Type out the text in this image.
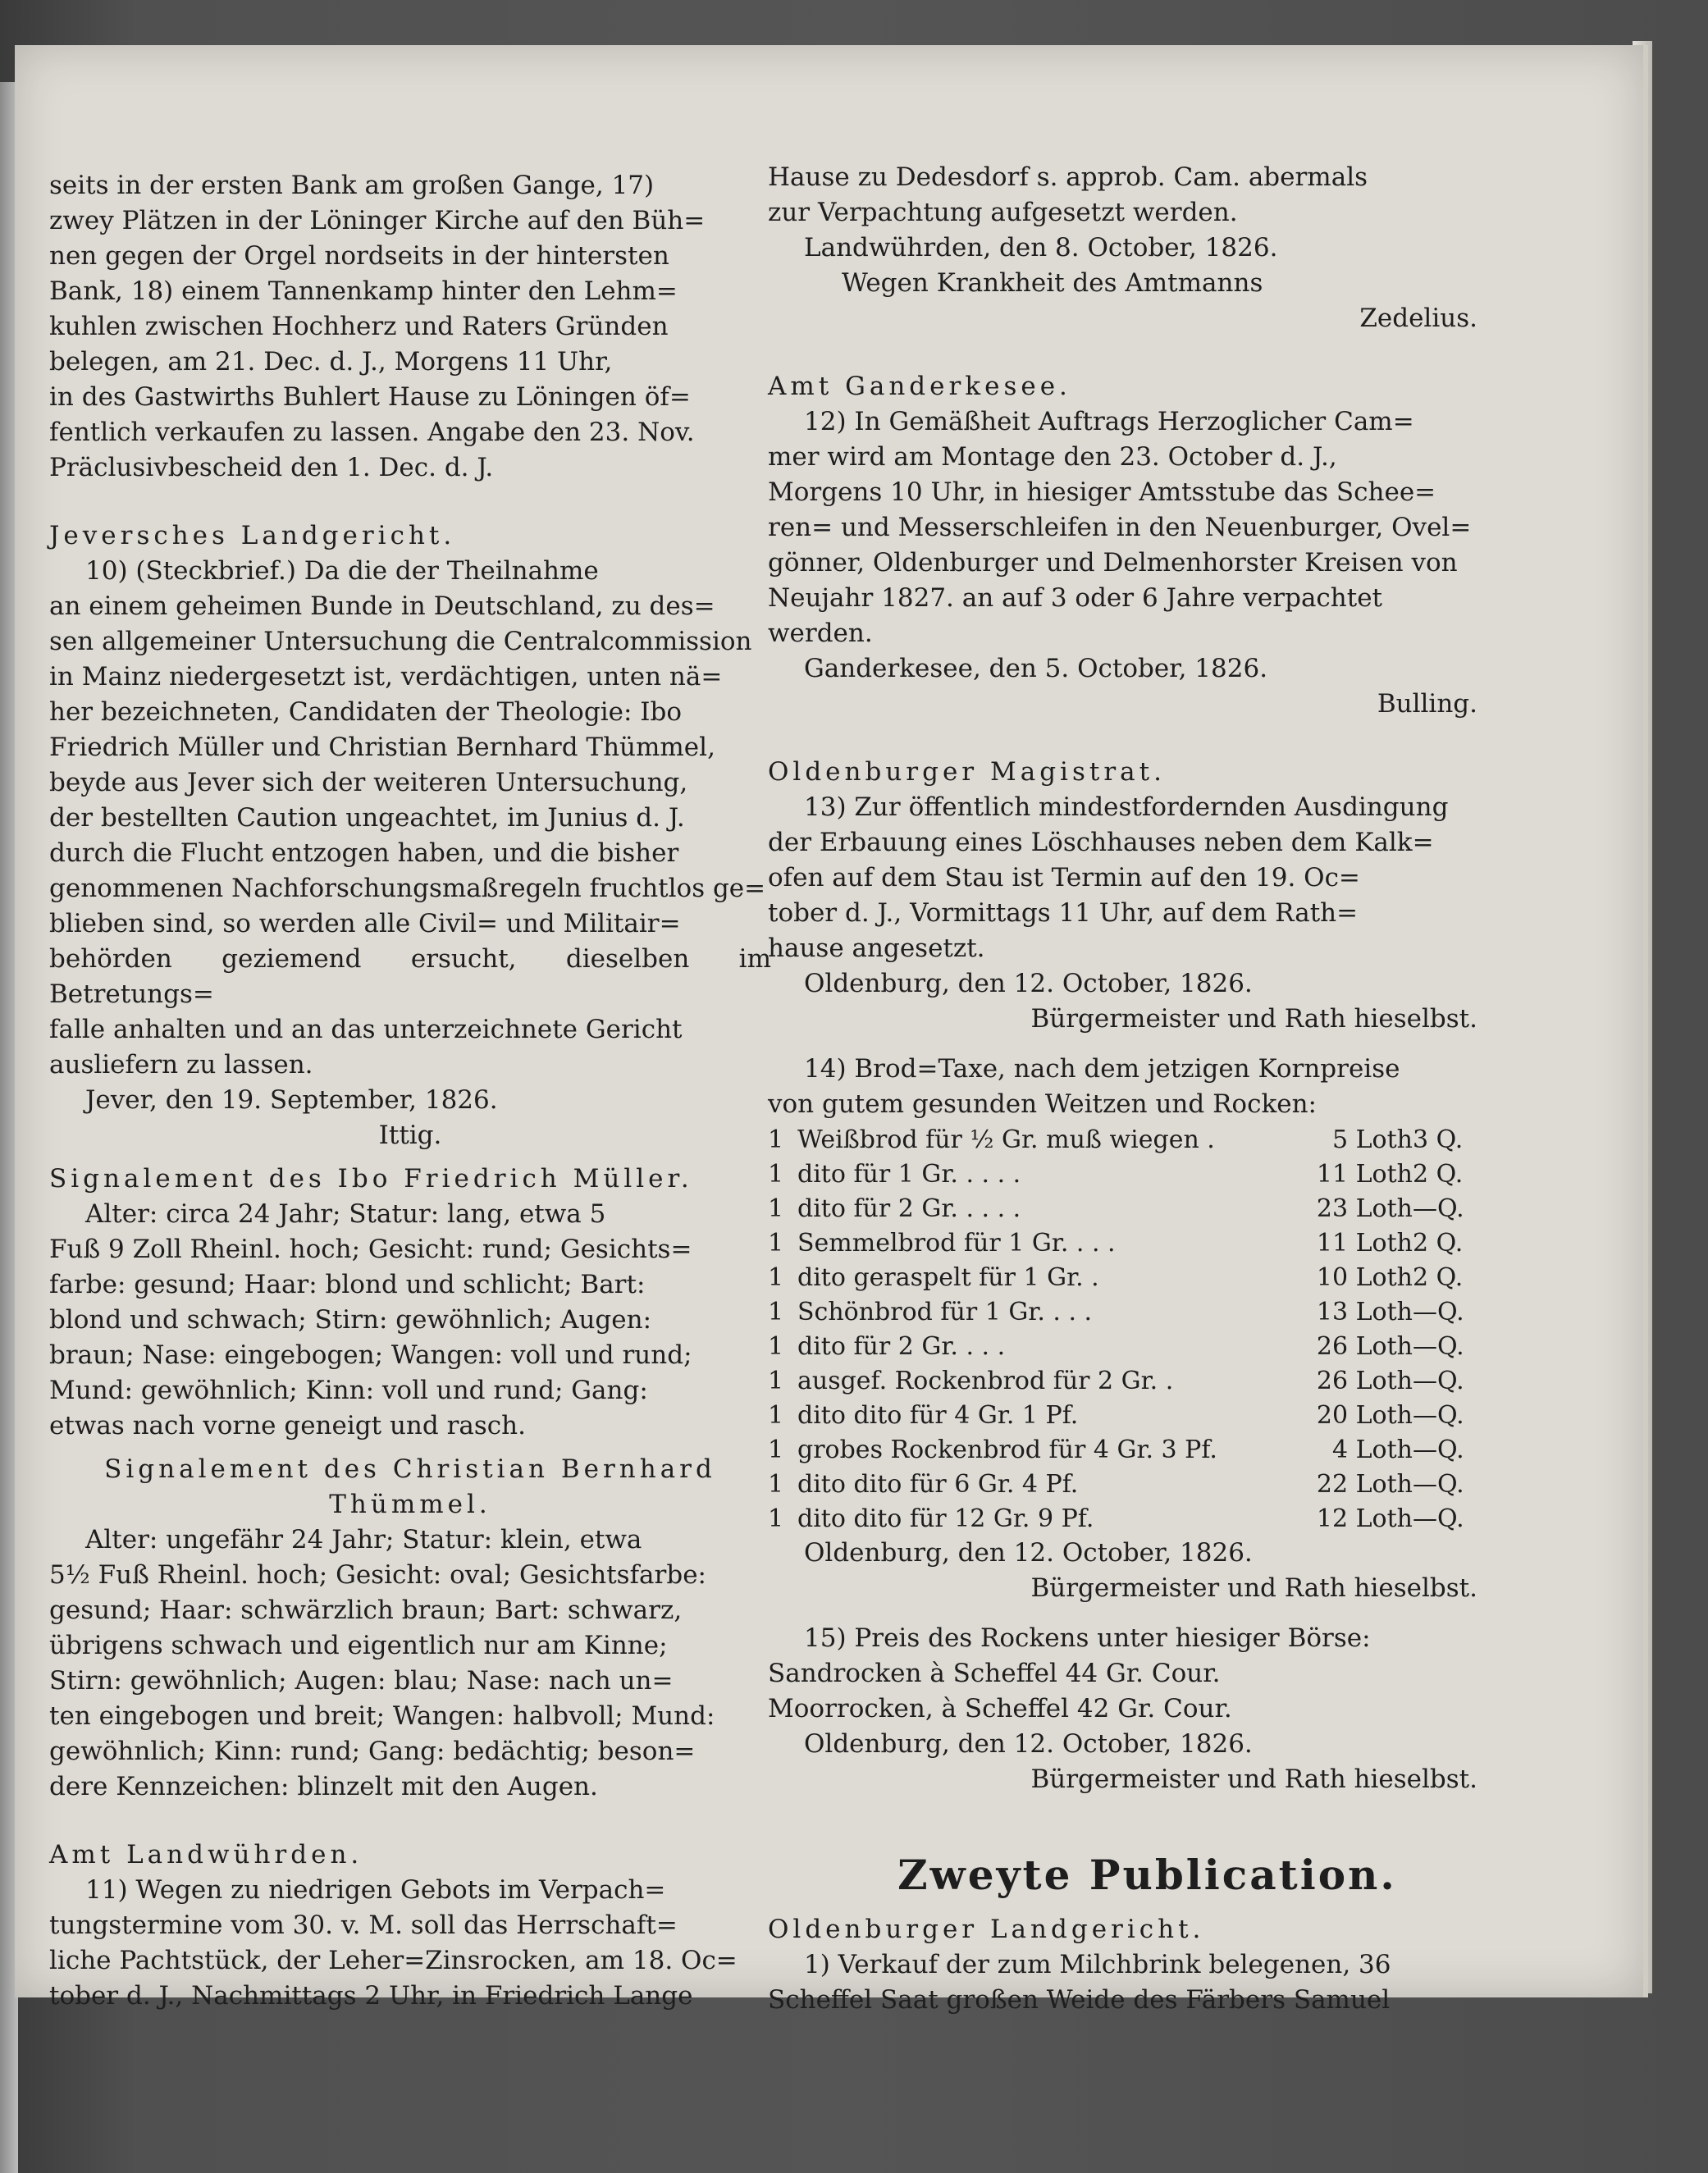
seits in der ersten Bank am großen Gange, 17)
zwey Plätzen in der Löninger Kirche auf den Büh=
nen gegen der Orgel nordseits in der hintersten
Bank, 18) einem Tannenkamp hinter den Lehm=
kuhlen zwischen Hochherz und Raters Gründen
belegen, am 21. Dec. d. J., Morgens 11 Uhr,
in des Gastwirths Buhlert Hause zu Löningen öf=
fentlich verkaufen zu lassen. Angabe den 23. Nov.
Präclusivbescheid den 1. Dec. d. J.
Jeversches Landgericht.
10) (Steckbrief.) Da die der Theilnahme
an einem geheimen Bunde in Deutschland, zu des=
sen allgemeiner Untersuchung die Centralcommission
in Mainz niedergesetzt ist, verdächtigen, unten nä=
her bezeichneten, Candidaten der Theologie: Ibo
Friedrich Müller und Christian Bernhard Thümmel,
beyde aus Jever sich der weiteren Untersuchung,
der bestellten Caution ungeachtet, im Junius d. J.
durch die Flucht entzogen haben, und die bisher
genommenen Nachforschungsmaßregeln fruchtlos ge=
blieben sind, so werden alle Civil= und Militair=
behörden geziemend ersucht, dieselben im Betretungs=
falle anhalten und an das unterzeichnete Gericht
ausliefern zu lassen.
Jever, den 19. September, 1826.
Ittig.
Signalement des Ibo Friedrich Müller.
Alter: circa 24 Jahr; Statur: lang, etwa 5
Fuß 9 Zoll Rheinl. hoch; Gesicht: rund; Gesichts=
farbe: gesund; Haar: blond und schlicht; Bart:
blond und schwach; Stirn: gewöhnlich; Augen:
braun; Nase: eingebogen; Wangen: voll und rund;
Mund: gewöhnlich; Kinn: voll und rund; Gang:
etwas nach vorne geneigt und rasch.
Signalement des Christian Bernhard
Thümmel.
Alter: ungefähr 24 Jahr; Statur: klein, etwa
5½ Fuß Rheinl. hoch; Gesicht: oval; Gesichtsfarbe:
gesund; Haar: schwärzlich braun; Bart: schwarz,
übrigens schwach und eigentlich nur am Kinne;
Stirn: gewöhnlich; Augen: blau; Nase: nach un=
ten eingebogen und breit; Wangen: halbvoll; Mund:
gewöhnlich; Kinn: rund; Gang: bedächtig; beson=
dere Kennzeichen: blinzelt mit den Augen.
Amt Landwührden.
11) Wegen zu niedrigen Gebots im Verpach=
tungstermine vom 30. v. M. soll das Herrschaft=
liche Pachtstück, der Leher=Zinsrocken, am 18. Oc=
tober d. J., Nachmittags 2 Uhr, in Friedrich Lange
Hause zu Dedesdorf s. approb. Cam. abermals
zur Verpachtung aufgesetzt werden.
Landwührden, den 8. October, 1826.
Wegen Krankheit des Amtmanns
Zedelius.
Amt Ganderkesee.
12) In Gemäßheit Auftrags Herzoglicher Cam=
mer wird am Montage den 23. October d. J.,
Morgens 10 Uhr, in hiesiger Amtsstube das Schee=
ren= und Messerschleifen in den Neuenburger, Ovel=
gönner, Oldenburger und Delmenhorster Kreisen von
Neujahr 1827. an auf 3 oder 6 Jahre verpachtet
werden.
Ganderkesee, den 5. October, 1826.
Bulling.
Oldenburger Magistrat.
13) Zur öffentlich mindestfordernden Ausdingung
der Erbauung eines Löschhauses neben dem Kalk=
ofen auf dem Stau ist Termin auf den 19. Oc=
tober d. J., Vormittags 11 Uhr, auf dem Rath=
hause angesetzt.
Oldenburg, den 12. October, 1826.
Bürgermeister und Rath hieselbst.
14) Brod=Taxe, nach dem jetzigen Kornpreise
von gutem gesunden Weitzen und Rocken:
1	Weißbrod für ½ Gr. muß wiegen .	5 Loth	3 Q.
1	dito für 1 Gr. . . . .	11 Loth	2 Q.
1	dito für 2 Gr. . . . .	23 Loth	—Q.
1	Semmelbrod für 1 Gr. . . .	11 Loth	2 Q.
1	dito geraspelt für 1 Gr. .	10 Loth	2 Q.
1	Schönbrod für 1 Gr. . . .	13 Loth	—Q.
1	dito für 2 Gr. . . .	26 Loth	—Q.
1	ausgef. Rockenbrod für 2 Gr. .	26 Loth	—Q.
1	dito dito für 4 Gr. 1 Pf.	20 Loth	—Q.
1	grobes Rockenbrod für 4 Gr. 3 Pf.	4 Loth	—Q.
1	dito dito für 6 Gr. 4 Pf.	22 Loth	—Q.
1	dito dito für 12 Gr. 9 Pf.	12 Loth	—Q.
Oldenburg, den 12. October, 1826.
Bürgermeister und Rath hieselbst.
15) Preis des Rockens unter hiesiger Börse:
Sandrocken à Scheffel 44 Gr. Cour.
Moorrocken, à Scheffel 42 Gr. Cour.
Oldenburg, den 12. October, 1826.
Bürgermeister und Rath hieselbst.
Zweyte Publication.
Oldenburger Landgericht.
1) Verkauf der zum Milchbrink belegenen, 36
Scheffel Saat großen Weide des Färbers Samuel
